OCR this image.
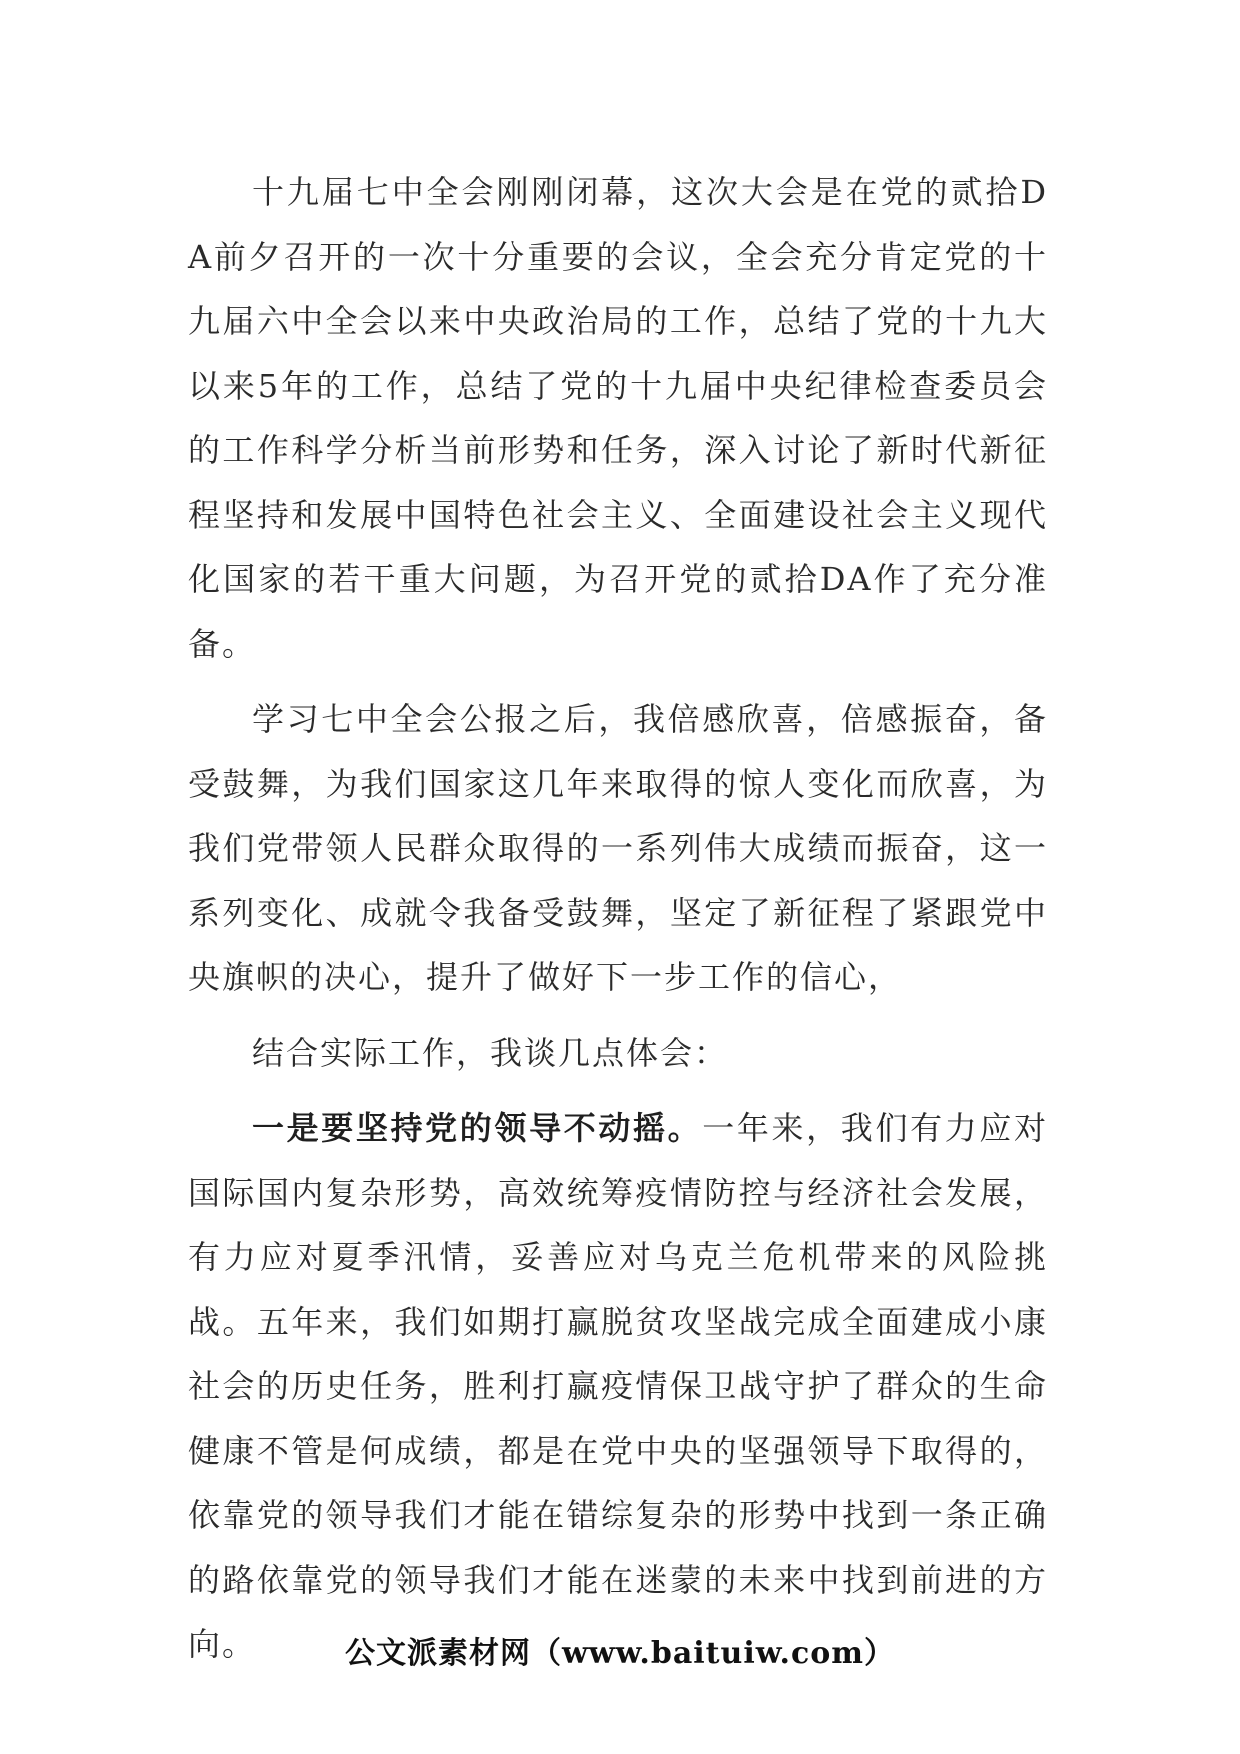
十九届七中全会刚刚闭幕，这次大会是在党的贰拾DA前夕召开的一次十分重要的会议，全会充分肯定党的十九届六中全会以来中央政治局的工作，总结了党的十九大以来5年的工作，总结了党的十九届中央纪律检查委员会的工作科学分析当前形势和任务，深入讨论了新时代新征程坚持和发展中国特色社会主义、全面建设社会主义现代化国家的若干重大问题，为召开党的贰拾DA作了充分准备。

学习七中全会公报之后，我倍感欣喜，倍感振奋，备受鼓舞，为我们国家这几年来取得的惊人变化而欣喜，为我们党带领人民群众取得的一系列伟大成绩而振奋，这一系列变化、成就令我备受鼓舞，坚定了新征程了紧跟党中央旗帜的决心，提升了做好下一步工作的信心，

结合实际工作，我谈几点体会：

一是要坚持党的领导不动摇。一年来，我们有力应对国际国内复杂形势，高效统筹疫情防控与经济社会发展，有力应对夏季汛情，妥善应对乌克兰危机带来的风险挑战。五年来，我们如期打赢脱贫攻坚战完成全面建成小康社会的历史任务，胜利打赢疫情保卫战守护了群众的生命健康不管是何成绩，都是在党中央的坚强领导下取得的，依靠党的领导我们才能在错综复杂的形势中找到一条正确的路依靠党的领导我们才能在迷蒙的未来中找到前进的方向。	公文派素材网（www.baituiw.com）
